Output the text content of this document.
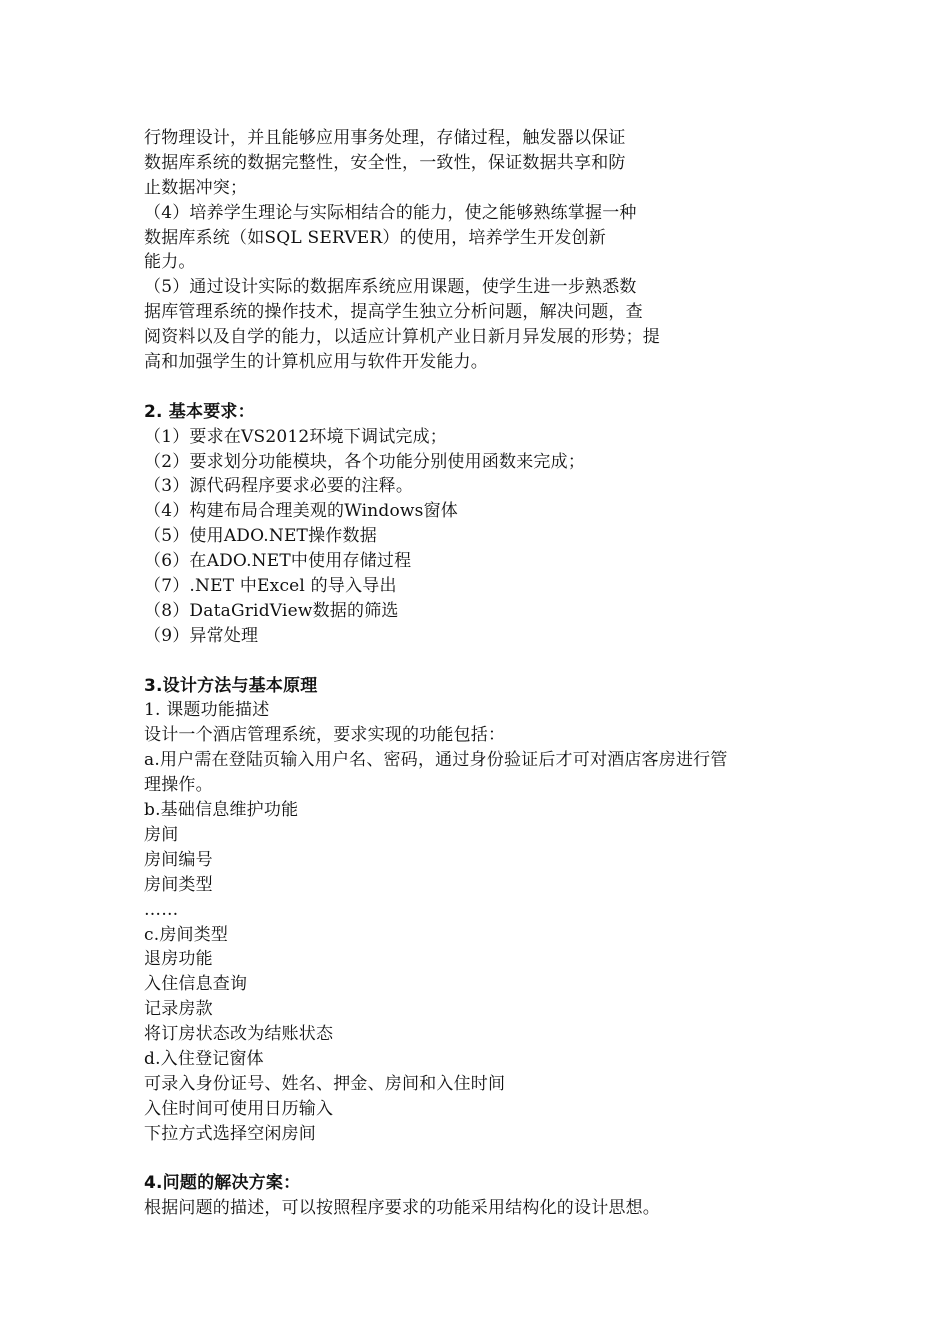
行物理设计，并且能够应用事务处理，存储过程，触发器以保证
数据库系统的数据完整性，安全性，一致性，保证数据共享和防
止数据冲突；
（4）培养学生理论与实际相结合的能力，使之能够熟练掌握一种
数据库系统（如SQL SERVER）的使用，培养学生开发创新
能力。
（5）通过设计实际的数据库系统应用课题，使学生进一步熟悉数
据库管理系统的操作技术，提高学生独立分析问题，解决问题，查
阅资料以及自学的能力，以适应计算机产业日新月异发展的形势；提
高和加强学生的计算机应用与软件开发能力。
2. 基本要求：
（1）要求在VS2012环境下调试完成；
（2）要求划分功能模块，各个功能分别使用函数来完成；
（3）源代码程序要求必要的注释。
（4）构建布局合理美观的Windows窗体
（5）使用ADO.NET操作数据
（6）在ADO.NET中使用存储过程
（7）.NET 中Excel 的导入导出
（8）DataGridView数据的筛选
（9）异常处理
3.设计方法与基本原理
1. 课题功能描述
设计一个酒店管理系统，要求实现的功能包括：
a.用户需在登陆页输入用户名、密码，通过身份验证后才可对酒店客房进行管
理操作。
b.基础信息维护功能
房间
房间编号
房间类型
……
c.房间类型
退房功能
入住信息查询
记录房款
将订房状态改为结账状态
d.入住登记窗体
可录入身份证号、姓名、押金、房间和入住时间
入住时间可使用日历输入
下拉方式选择空闲房间
4.问题的解决方案：
根据问题的描述，可以按照程序要求的功能采用结构化的设计思想。
